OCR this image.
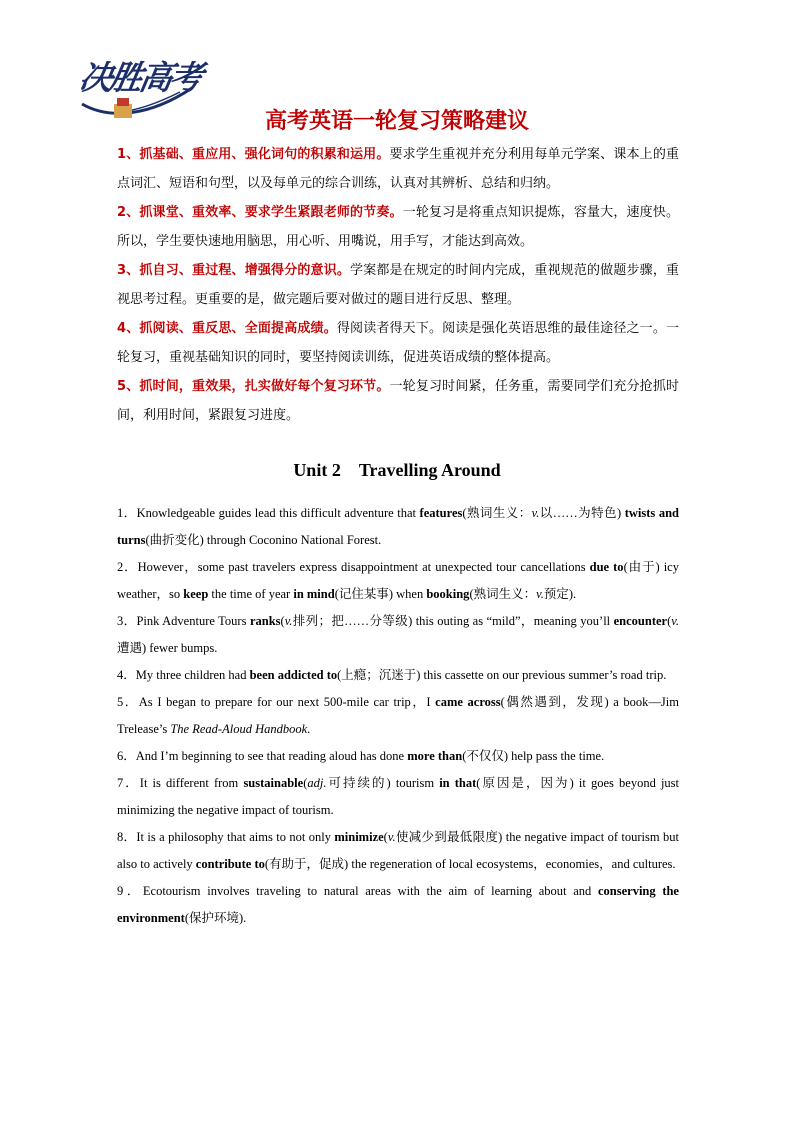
决胜高考
高考英语一轮复习策略建议

1、抓基础、重应用、强化词句的积累和运用。要求学生重视并充分利用每单元学案、课本上的重点词汇、短语和句型，以及每单元的综合训练，认真对其辨析、总结和归纳。

2、抓课堂、重效率、要求学生紧跟老师的节奏。一轮复习是将重点知识提炼，容量大，速度快。所以，学生要快速地用脑思，用心听、用嘴说，用手写，才能达到高效。

3、抓自习、重过程、增强得分的意识。学案都是在规定的时间内完成，重视规范的做题步骤，重视思考过程。更重要的是，做完题后要对做过的题目进行反思、整理。

4、抓阅读、重反思、全面提高成绩。得阅读者得天下。阅读是强化英语思维的最佳途径之一。一轮复习，重视基础知识的同时，要坚持阅读训练，促进英语成绩的整体提高。

5、抓时间，重效果，扎实做好每个复习环节。一轮复习时间紧，任务重，需要同学们充分抢抓时间，利用时间，紧跟复习进度。

Unit 2　Travelling Around

1．Knowledgeable guides lead this difficult adventure that features(熟词生义：v.以……为特色) twists and turns(曲折变化) through Coconino National Forest.

2．However，some past travelers express disappointment at unexpected tour cancellations due to(由于) icy weather，so keep the time of year in mind(记住某事) when booking(熟词生义：v.预定).

3．Pink Adventure Tours ranks(v.排列；把……分等级) this outing as “mild”，meaning you’ll encounter(v.遭遇) fewer bumps.

4．My three children had been addicted to(上瘾；沉迷于) this cassette on our previous summer’s road trip.

5．As I began to prepare for our next 500-mile car trip，I came across(偶然遇到，发现) a book—Jim Trelease’s The Read-Aloud Handbook.

6．And I’m beginning to see that reading aloud has done more than(不仅仅) help pass the time.

7．It is different from sustainable(adj.可持续的) tourism in that(原因是，因为) it goes beyond just minimizing the negative impact of tourism.

8．It is a philosophy that aims to not only minimize(v.使减少到最低限度) the negative impact of tourism but also to actively contribute to(有助于，促成) the regeneration of local ecosystems，economies，and cultures.

9．Ecotourism involves traveling to natural areas with the aim of learning about and conserving the environment(保护环境).
